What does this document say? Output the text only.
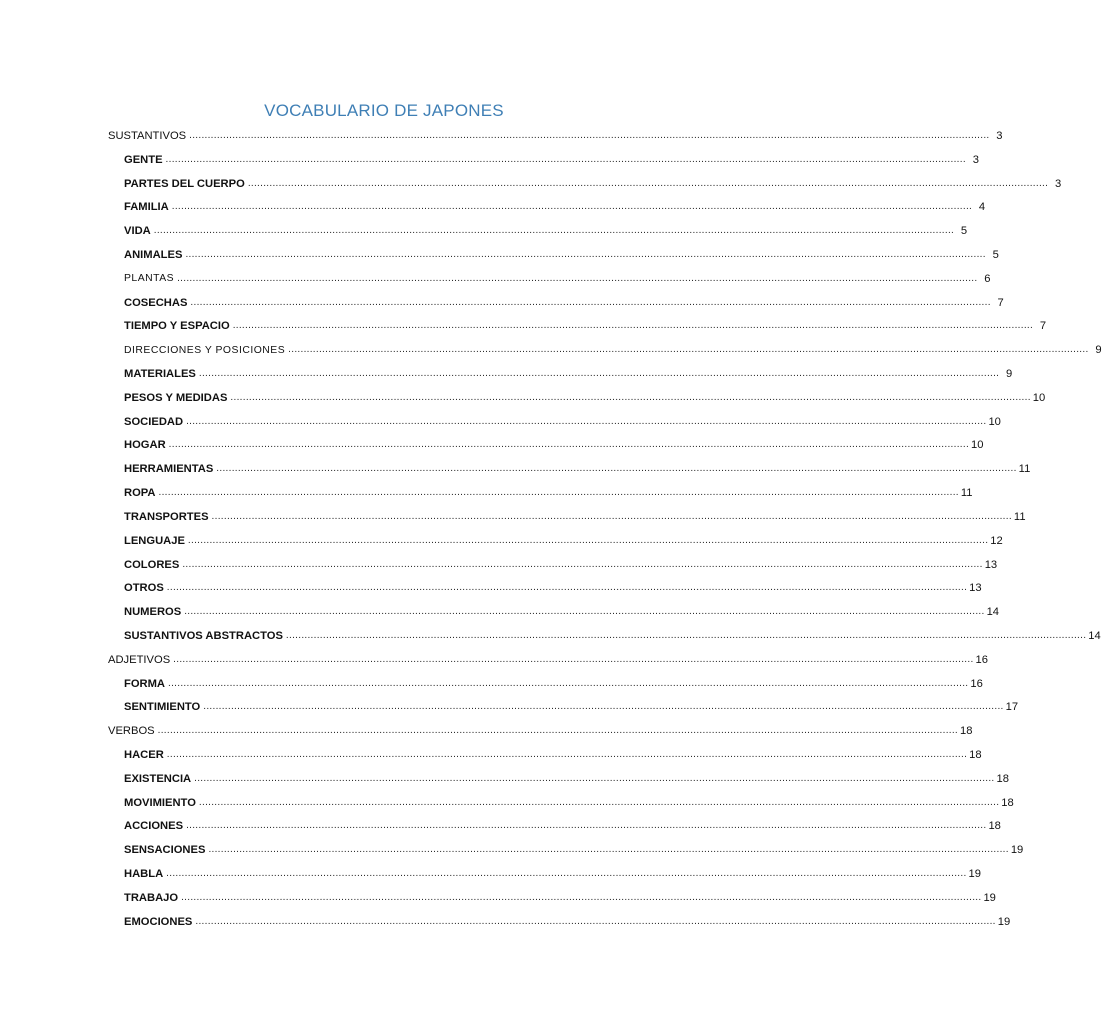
VOCABULARIO DE JAPONES
SUSTANTIVOS .................................................................................................................................................................................................................................................................... 3
GENTE .................................................................................................................................................................................................................................................................... 3
PARTES DEL CUERPO .................................................................................................................................................................................................................................................................... 3
FAMILIA .................................................................................................................................................................................................................................................................... 4
VIDA .................................................................................................................................................................................................................................................................... 5
ANIMALES .................................................................................................................................................................................................................................................................... 5
PLANTAS .................................................................................................................................................................................................................................................................... 6
COSECHAS .................................................................................................................................................................................................................................................................... 7
TIEMPO Y ESPACIO .................................................................................................................................................................................................................................................................... 7
DIRECCIONES Y POSICIONES .................................................................................................................................................................................................................................................................... 9
MATERIALES .................................................................................................................................................................................................................................................................... 9
PESOS Y MEDIDAS .................................................................................................................................................................................................................................................................... 10
SOCIEDAD .................................................................................................................................................................................................................................................................... 10
HOGAR .................................................................................................................................................................................................................................................................... 10
HERRAMIENTAS .................................................................................................................................................................................................................................................................... 11
ROPA .................................................................................................................................................................................................................................................................... 11
TRANSPORTES .................................................................................................................................................................................................................................................................... 11
LENGUAJE .................................................................................................................................................................................................................................................................... 12
COLORES .................................................................................................................................................................................................................................................................... 13
OTROS .................................................................................................................................................................................................................................................................... 13
NUMEROS .................................................................................................................................................................................................................................................................... 14
SUSTANTIVOS ABSTRACTOS .................................................................................................................................................................................................................................................................... 14
ADJETIVOS .................................................................................................................................................................................................................................................................... 16
FORMA .................................................................................................................................................................................................................................................................... 16
SENTIMIENTO .................................................................................................................................................................................................................................................................... 17
VERBOS .................................................................................................................................................................................................................................................................... 18
HACER .................................................................................................................................................................................................................................................................... 18
EXISTENCIA .................................................................................................................................................................................................................................................................... 18
MOVIMIENTO .................................................................................................................................................................................................................................................................... 18
ACCIONES .................................................................................................................................................................................................................................................................... 18
SENSACIONES .................................................................................................................................................................................................................................................................... 19
HABLA .................................................................................................................................................................................................................................................................... 19
TRABAJO .................................................................................................................................................................................................................................................................... 19
EMOCIONES .................................................................................................................................................................................................................................................................... 19
